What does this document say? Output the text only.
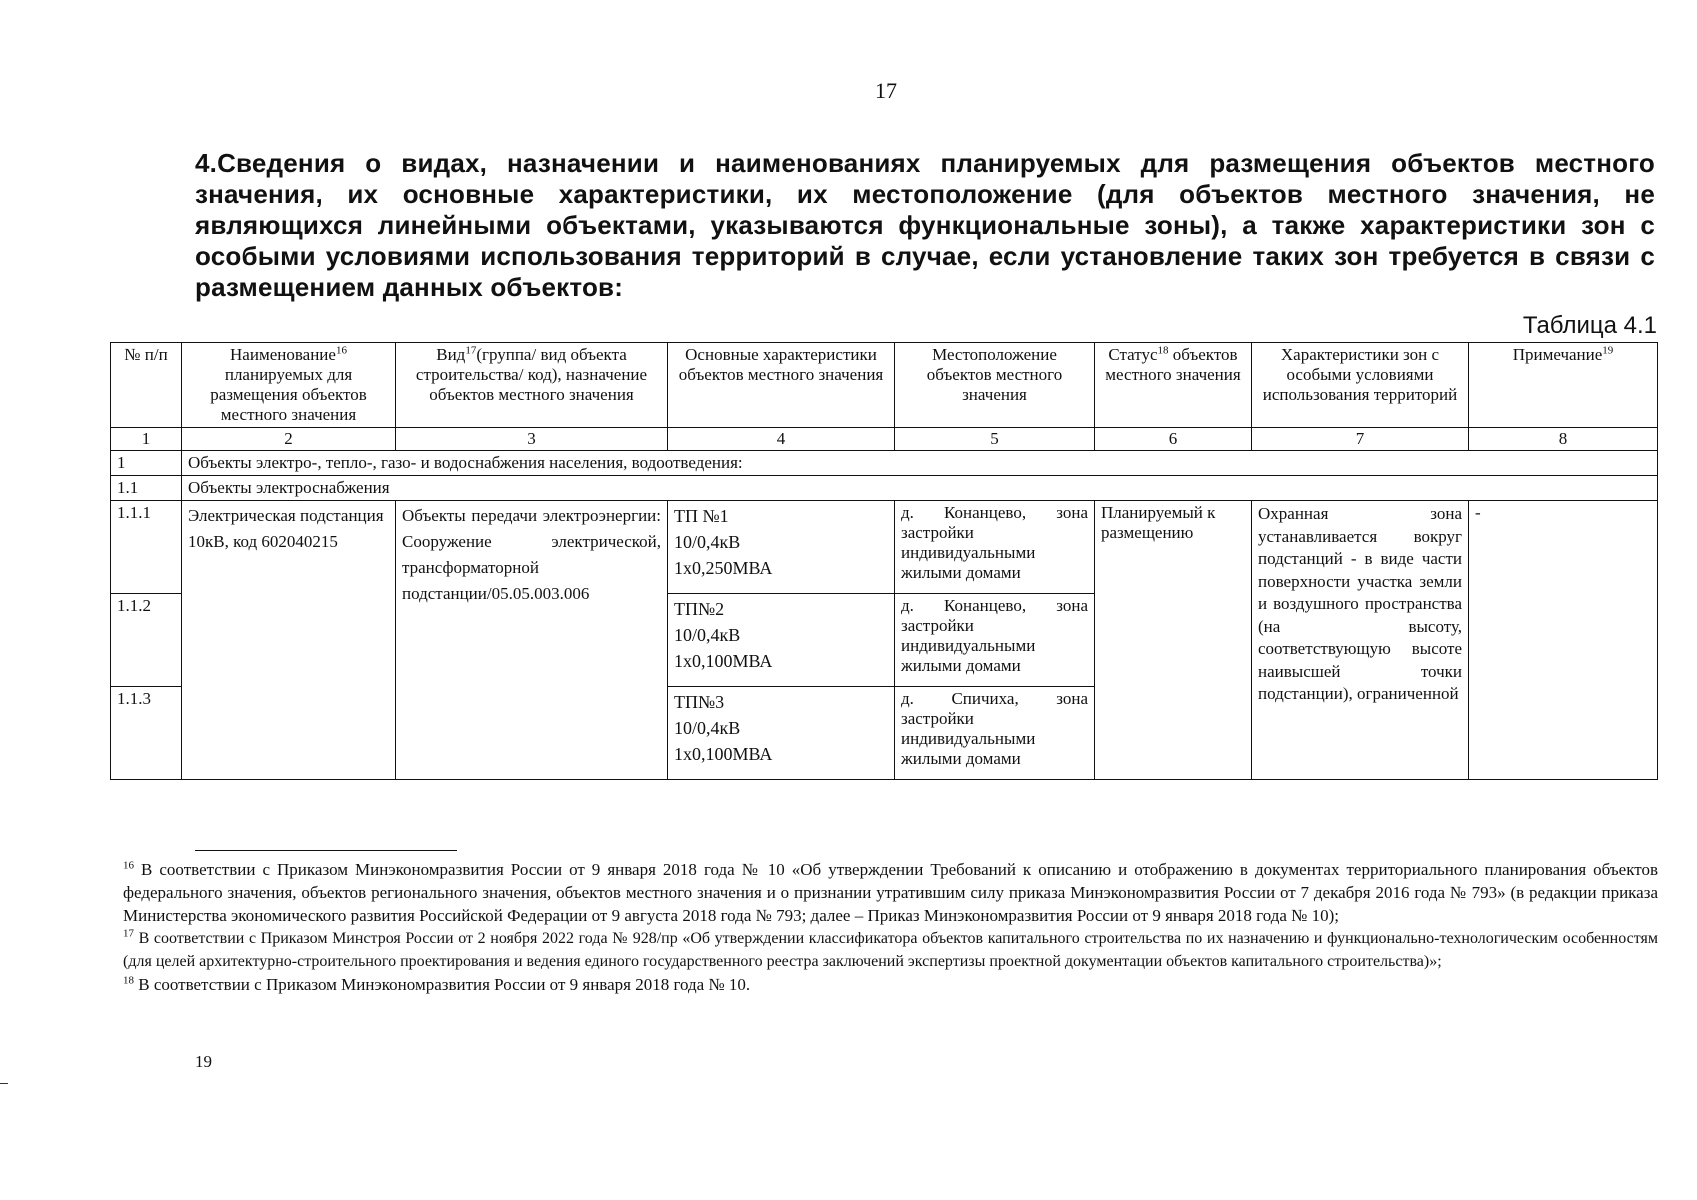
17
4.Сведения о видах, назначении и наименованиях планируемых для размещения объектов местного значения, их основные характеристики, их местоположение (для объектов местного значения, не являющихся линейными объектами, указываются функциональные зоны), а также характеристики зон с особыми условиями использования территорий в случае, если установление таких зон требуется в связи с размещением данных объектов:
Таблица 4.1
№ п/п	Наименование$^{16}$ планируемых для размещения объектов местного значения	Вид$^{17}$(группа/ вид объекта строительства/ код), назначение объектов местного значения	Основные характеристики объектов местного значения	Местоположение объектов местного значения	Статус$^{18}$ объектов местного значения	Характеристики зон с особыми условиями использования территорий	Примечание$^{19}$
1	2	3	4	5	6	7	8
1	Объекты электро-, тепло-, газо- и водоснабжения населения, водоотведения:						
1.1	Объекты электроснабжения						
1.1.1	Электрическая подстанция 10кВ, код 602040215	Объекты передачи электроэнергии: Сооружение электрической, трансформаторной подстанции/05.05.003.006	ТП №1
10/0,4кВ
1х0,250МВА	д. Конанцево, зона застройки индивидуальными жилыми домами	Планируемый к размещению	Охранная зона устанавливается вокруг подстанций - в виде части поверхности участка земли и воздушного пространства (на высоту, соответствующую высоте наивысшей точки подстанции), ограниченной	-
1.1.2			ТП№2
10/0,4кВ
1х0,100МВА	д. Конанцево, зона застройки индивидуальными жилыми домами			
1.1.3			ТП№3
10/0,4кВ
1х0,100МВА	д. Спичиха, зона застройки индивидуальными жилыми домами			
$^{16}$ В соответствии с Приказом Минэкономразвития России от 9 января 2018 года № 10 «Об утверждении Требований к описанию и отображению в документах территориального планирования объектов федерального значения, объектов регионального значения, объектов местного значения и о признании утратившим силу приказа Минэкономразвития России от 7 декабря 2016 года № 793» (в редакции приказа Министерства экономического развития Российской Федерации от 9 августа 2018 года № 793; далее – Приказ Минэкономразвития России от 9 января 2018 года № 10);
$^{17}$ В соответствии с Приказом Минстроя России от 2 ноября 2022 года № 928/пр «Об утверждении классификатора объектов капитального строительства по их назначению и функционально-технологическим особенностям (для целей архитектурно-строительного проектирования и ведения единого государственного реестра заключений экспертизы проектной документации объектов капитального строительства)»;
$^{18}$ В соответствии с Приказом Минэкономразвития России от 9 января 2018 года № 10.
19
